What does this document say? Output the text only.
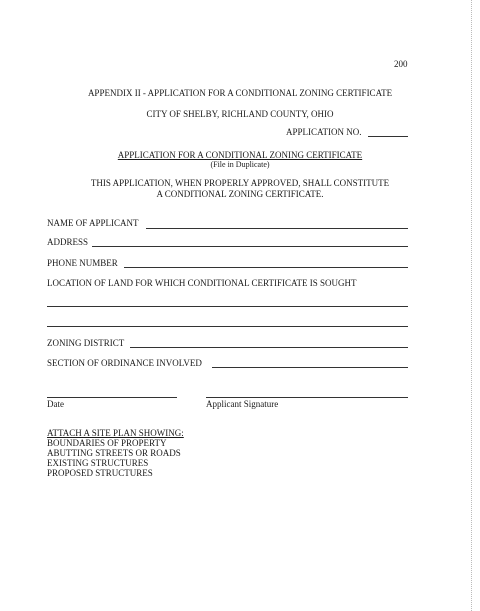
200
APPENDIX II - APPLICATION FOR A CONDITIONAL ZONING CERTIFICATE
CITY OF SHELBY, RICHLAND COUNTY, OHIO
APPLICATION NO.
APPLICATION FOR A CONDITIONAL ZONING CERTIFICATE
(File in Duplicate)
THIS APPLICATION, WHEN PROPERLY APPROVED, SHALL CONSTITUTE
A CONDITIONAL ZONING CERTIFICATE.
NAME OF APPLICANT
ADDRESS
PHONE NUMBER
LOCATION OF LAND FOR WHICH CONDITIONAL CERTIFICATE IS SOUGHT
ZONING DISTRICT
SECTION OF ORDINANCE INVOLVED
Date	Applicant Signature
ATTACH A SITE PLAN SHOWING:
BOUNDARIES OF PROPERTY
ABUTTING STREETS OR ROADS
EXISTING STRUCTURES
PROPOSED STRUCTURES
